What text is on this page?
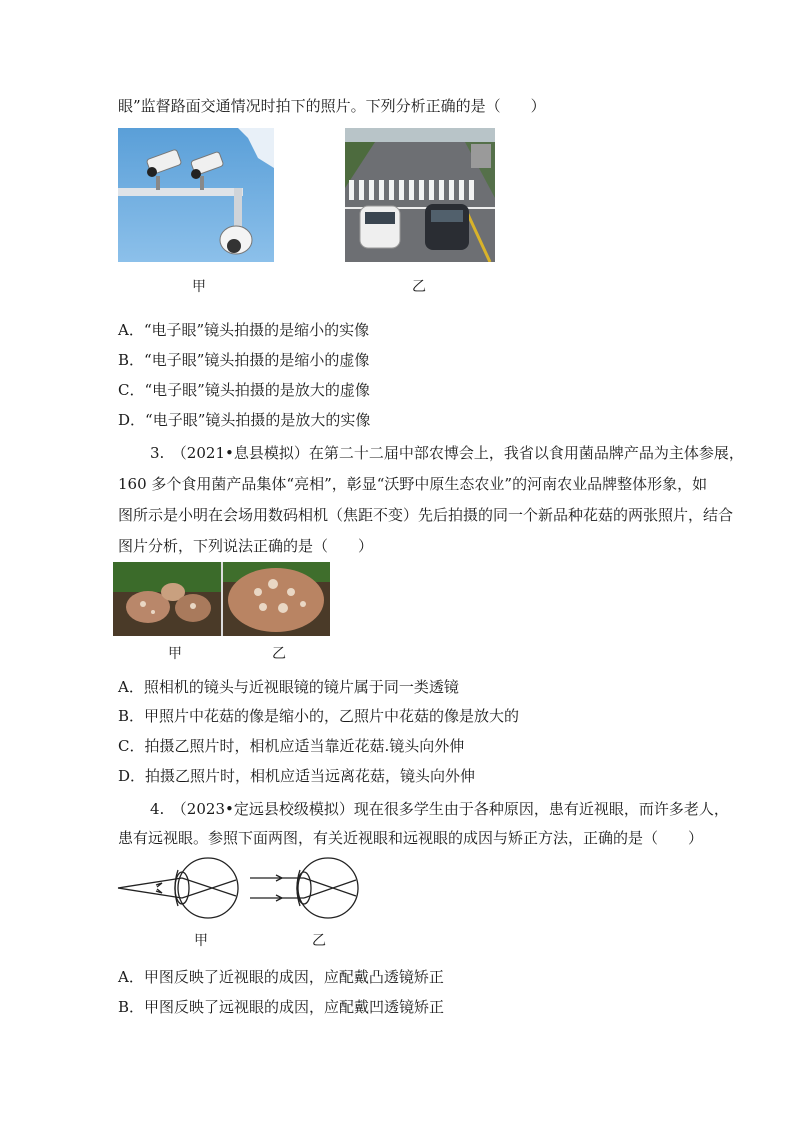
眼”监督路面交通情况时拍下的照片。下列分析正确的是（　　）
甲	乙
A．“电子眼”镜头拍摄的是缩小的实像
B．“电子眼”镜头拍摄的是缩小的虚像
C．“电子眼”镜头拍摄的是放大的虚像
D．“电子眼”镜头拍摄的是放大的实像
3.　（2021•息县模拟）在第二十二届中部农博会上，我省以食用菌品牌产品为主体参展，
160 多个食用菌产品集体“亮相”，彰显“沃野中原生态农业”的河南农业品牌整体形象，如
图所示是小明在会场用数码相机（焦距不变）先后拍摄的同一个新品种花菇的两张照片，结合
图片分析，下列说法正确的是（　　）
甲	乙
A．照相机的镜头与近视眼镜的镜片属于同一类透镜
B．甲照片中花菇的像是缩小的，乙照片中花菇的像是放大的
C．拍摄乙照片时，相机应适当靠近花菇.镜头向外伸
D．拍摄乙照片时，相机应适当远离花菇，镜头向外伸
4.　（2023•定远县校级模拟）现在很多学生由于各种原因，患有近视眼，而许多老人，
患有远视眼。参照下面两图，有关近视眼和远视眼的成因与矫正方法，正确的是（　　）
甲	乙
A．甲图反映了近视眼的成因，应配戴凸透镜矫正
B．甲图反映了远视眼的成因，应配戴凹透镜矫正
